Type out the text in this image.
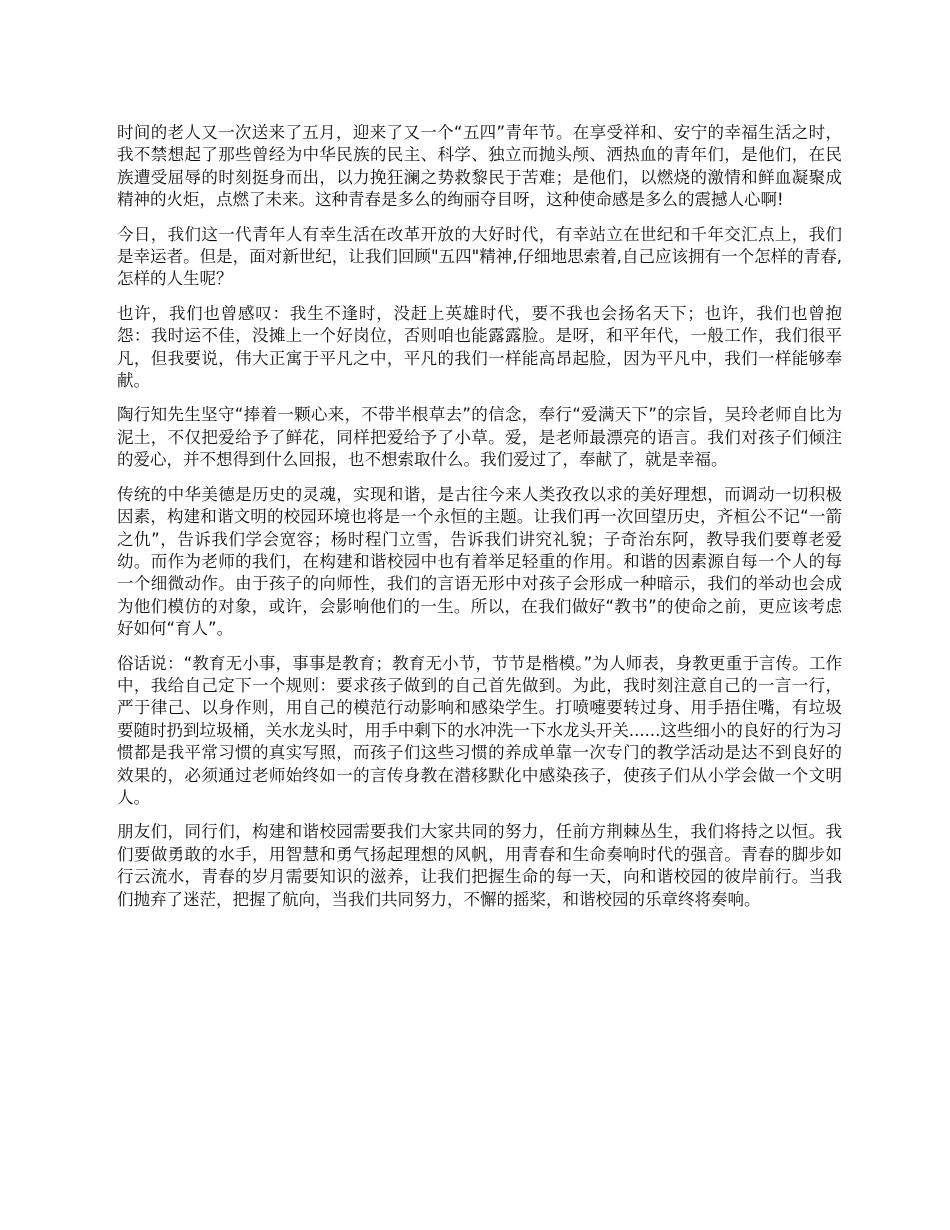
时间的老人又一次送来了五月，迎来了又一个“五四”青年节。在享受祥和、安宁的幸福生活之时，我不禁想起了那些曾经为中华民族的民主、科学、独立而抛头颅、洒热血的青年们，是他们，在民族遭受屈辱的时刻挺身而出，以力挽狂澜之势救黎民于苦难；是他们，以燃烧的激情和鲜血凝聚成精神的火炬，点燃了未来。这种青春是多么的绚丽夺目呀，这种使命感是多么的震撼人心啊!

今日，我们这一代青年人有幸生活在改革开放的大好时代，有幸站立在世纪和千年交汇点上，我们是幸运者。但是，面对新世纪，让我们回顾"五四"精神,仔细地思索着,自己应该拥有一个怎样的青春,怎样的人生呢？

也许，我们也曾感叹：我生不逢时，没赶上英雄时代，要不我也会扬名天下；也许，我们也曾抱怨：我时运不佳，没摊上一个好岗位，否则咱也能露露脸。是呀，和平年代，一般工作，我们很平凡，但我要说，伟大正寓于平凡之中，平凡的我们一样能高昂起脸，因为平凡中，我们一样能够奉献。

陶行知先生坚守“捧着一颗心来，不带半根草去”的信念，奉行“爱满天下”的宗旨，吴玲老师自比为泥土，不仅把爱给予了鲜花，同样把爱给予了小草。爱，是老师最漂亮的语言。我们对孩子们倾注的爱心，并不想得到什么回报，也不想索取什么。我们爱过了，奉献了，就是幸福。

传统的中华美德是历史的灵魂，实现和谐，是古往今来人类孜孜以求的美好理想，而调动一切积极因素，构建和谐文明的校园环境也将是一个永恒的主题。让我们再一次回望历史，齐桓公不记“一箭之仇”，告诉我们学会宽容；杨时程门立雪，告诉我们讲究礼貌；子奇治东阿，教导我们要尊老爱幼。而作为老师的我们，在构建和谐校园中也有着举足轻重的作用。和谐的因素源自每一个人的每一个细微动作。由于孩子的向师性，我们的言语无形中对孩子会形成一种暗示，我们的举动也会成为他们模仿的对象，或许，会影响他们的一生。所以，在我们做好“教书”的使命之前，更应该考虑好如何“育人”。

俗话说：“教育无小事，事事是教育；教育无小节，节节是楷模。”为人师表，身教更重于言传。工作中，我给自己定下一个规则：要求孩子做到的自己首先做到。为此，我时刻注意自己的一言一行，严于律己、以身作则，用自己的模范行动影响和感染学生。打喷嚏要转过身、用手捂住嘴，有垃圾要随时扔到垃圾桶，关水龙头时，用手中剩下的水冲洗一下水龙头开关......这些细小的良好的行为习惯都是我平常习惯的真实写照，而孩子们这些习惯的养成单靠一次专门的教学活动是达不到良好的效果的，必须通过老师始终如一的言传身教在潜移默化中感染孩子，使孩子们从小学会做一个文明人。

朋友们，同行们，构建和谐校园需要我们大家共同的努力，任前方荆棘丛生，我们将持之以恒。我们要做勇敢的水手，用智慧和勇气扬起理想的风帆，用青春和生命奏响时代的强音。青春的脚步如行云流水，青春的岁月需要知识的滋养，让我们把握生命的每一天，向和谐校园的彼岸前行。当我们抛弃了迷茫，把握了航向，当我们共同努力，不懈的摇桨，和谐校园的乐章终将奏响。
